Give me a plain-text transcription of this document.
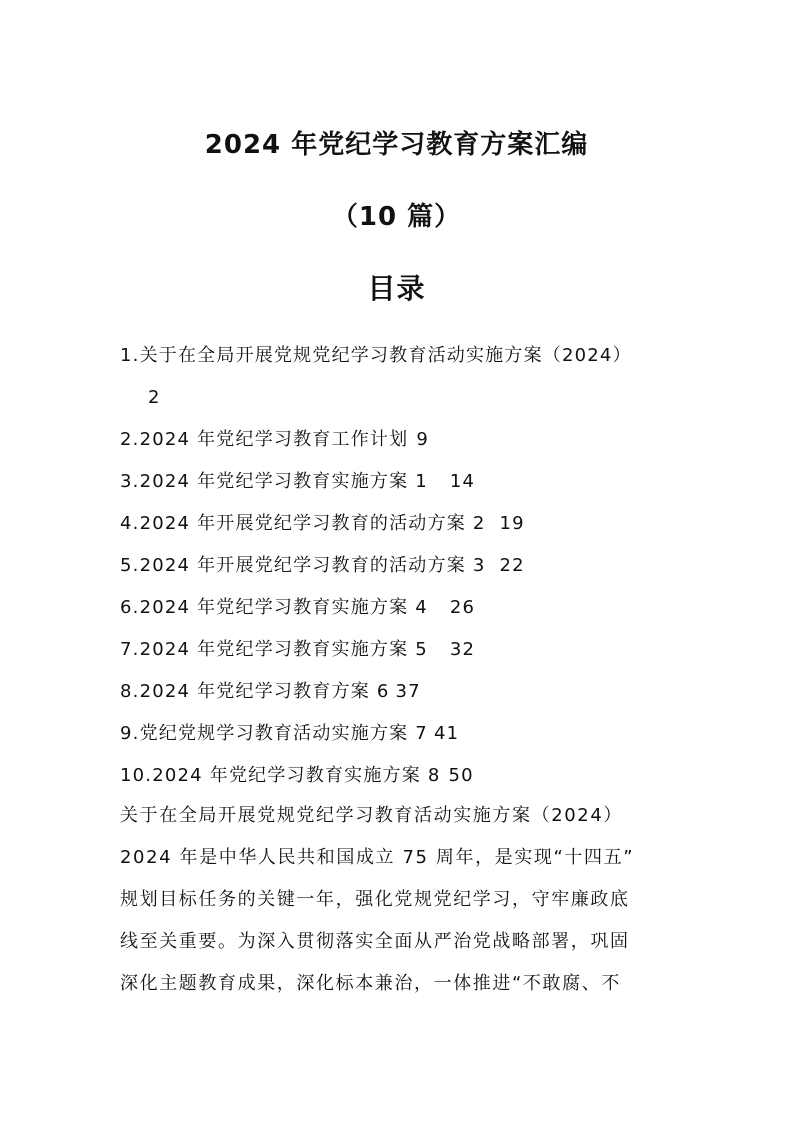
2024 年党纪学习教育方案汇编
（10 篇）
目录
1.关于在全局开展党规党纪学习教育活动实施方案（2024）
2
2.2024 年党纪学习教育工作计划 9
3.2024 年党纪学习教育实施方案 1 14
4.2024 年开展党纪学习教育的活动方案 2 19
5.2024 年开展党纪学习教育的活动方案 3 22
6.2024 年党纪学习教育实施方案 4 26
7.2024 年党纪学习教育实施方案 5 32
8.2024 年党纪学习教育方案 6 37
9.党纪党规学习教育活动实施方案 7 41
10.2024 年党纪学习教育实施方案 8 50
关于在全局开展党规党纪学习教育活动实施方案（2024）
2024 年是中华人民共和国成立 75 周年，是实现“十四五”
规划目标任务的关键一年，强化党规党纪学习，守牢廉政底
线至关重要。为深入贯彻落实全面从严治党战略部署，巩固
深化主题教育成果，深化标本兼治，一体推进“不敢腐、不
